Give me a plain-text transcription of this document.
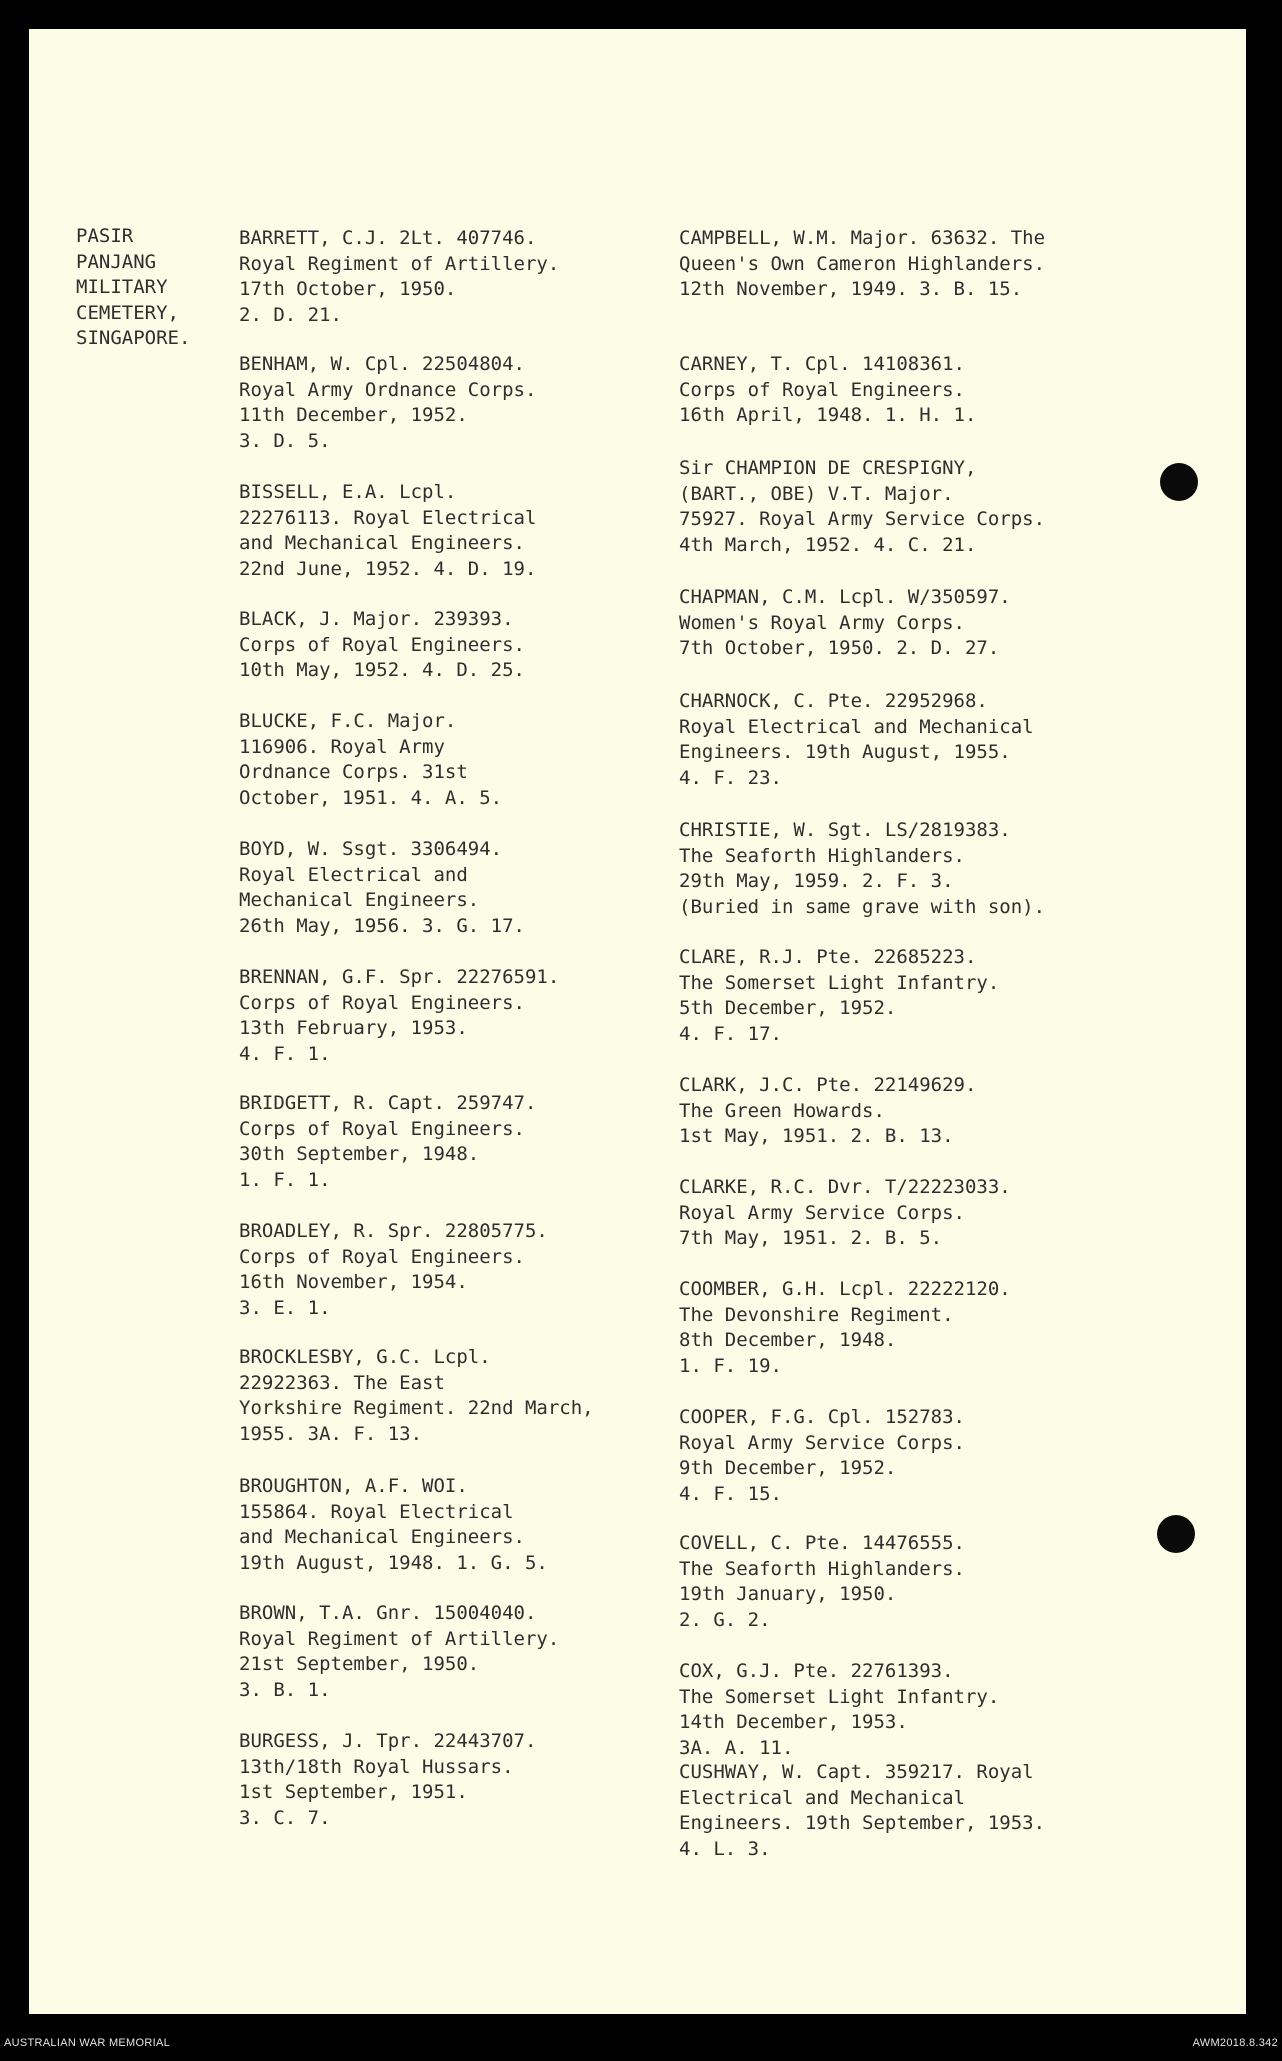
PASIR
PANJANG
MILITARY
CEMETERY,
SINGAPORE.
BARRETT, C.J. 2Lt. 407746.
Royal Regiment of Artillery.
17th October, 1950.
2. D. 21.
BENHAM, W. Cpl. 22504804.
Royal Army Ordnance Corps.
11th December, 1952.
3. D. 5.
BISSELL, E.A. Lcpl.
22276113. Royal Electrical
and Mechanical Engineers.
22nd June, 1952. 4. D. 19.
BLACK, J. Major. 239393.
Corps of Royal Engineers.
10th May, 1952. 4. D. 25.
BLUCKE, F.C. Major.
116906. Royal Army
Ordnance Corps. 31st
October, 1951. 4. A. 5.
BOYD, W. Ssgt. 3306494.
Royal Electrical and
Mechanical Engineers.
26th May, 1956. 3. G. 17.
BRENNAN, G.F. Spr. 22276591.
Corps of Royal Engineers.
13th February, 1953.
4. F. 1.
BRIDGETT, R. Capt. 259747.
Corps of Royal Engineers.
30th September, 1948.
1. F. 1.
BROADLEY, R. Spr. 22805775.
Corps of Royal Engineers.
16th November, 1954.
3. E. 1.
BROCKLESBY, G.C. Lcpl.
22922363. The East
Yorkshire Regiment. 22nd March,
1955. 3A. F. 13.
BROUGHTON, A.F. WOI.
155864. Royal Electrical
and Mechanical Engineers.
19th August, 1948. 1. G. 5.
BROWN, T.A. Gnr. 15004040.
Royal Regiment of Artillery.
21st September, 1950.
3. B. 1.
BURGESS, J. Tpr. 22443707.
13th/18th Royal Hussars.
1st September, 1951.
3. C. 7.
CAMPBELL, W.M. Major. 63632. The
Queen's Own Cameron Highlanders.
12th November, 1949. 3. B. 15.
CARNEY, T. Cpl. 14108361.
Corps of Royal Engineers.
16th April, 1948. 1. H. 1.
Sir CHAMPION DE CRESPIGNY,
(BART., OBE) V.T. Major.
75927. Royal Army Service Corps.
4th March, 1952. 4. C. 21.
CHAPMAN, C.M. Lcpl. W/350597.
Women's Royal Army Corps.
7th October, 1950. 2. D. 27.
CHARNOCK, C. Pte. 22952968.
Royal Electrical and Mechanical
Engineers. 19th August, 1955.
4. F. 23.
CHRISTIE, W. Sgt. LS/2819383.
The Seaforth Highlanders.
29th May, 1959. 2. F. 3.
(Buried in same grave with son).
CLARE, R.J. Pte. 22685223.
The Somerset Light Infantry.
5th December, 1952.
4. F. 17.
CLARK, J.C. Pte. 22149629.
The Green Howards.
1st May, 1951. 2. B. 13.
CLARKE, R.C. Dvr. T/22223033.
Royal Army Service Corps.
7th May, 1951. 2. B. 5.
COOMBER, G.H. Lcpl. 22222120.
The Devonshire Regiment.
8th December, 1948.
1. F. 19.
COOPER, F.G. Cpl. 152783.
Royal Army Service Corps.
9th December, 1952.
4. F. 15.
COVELL, C. Pte. 14476555.
The Seaforth Highlanders.
19th January, 1950.
2. G. 2.
COX, G.J. Pte. 22761393.
The Somerset Light Infantry.
14th December, 1953.
3A. A. 11.
CUSHWAY, W. Capt. 359217. Royal
Electrical and Mechanical
Engineers. 19th September, 1953.
4. L. 3.
AUSTRALIAN WAR MEMORIAL	AWM2018.8.342
